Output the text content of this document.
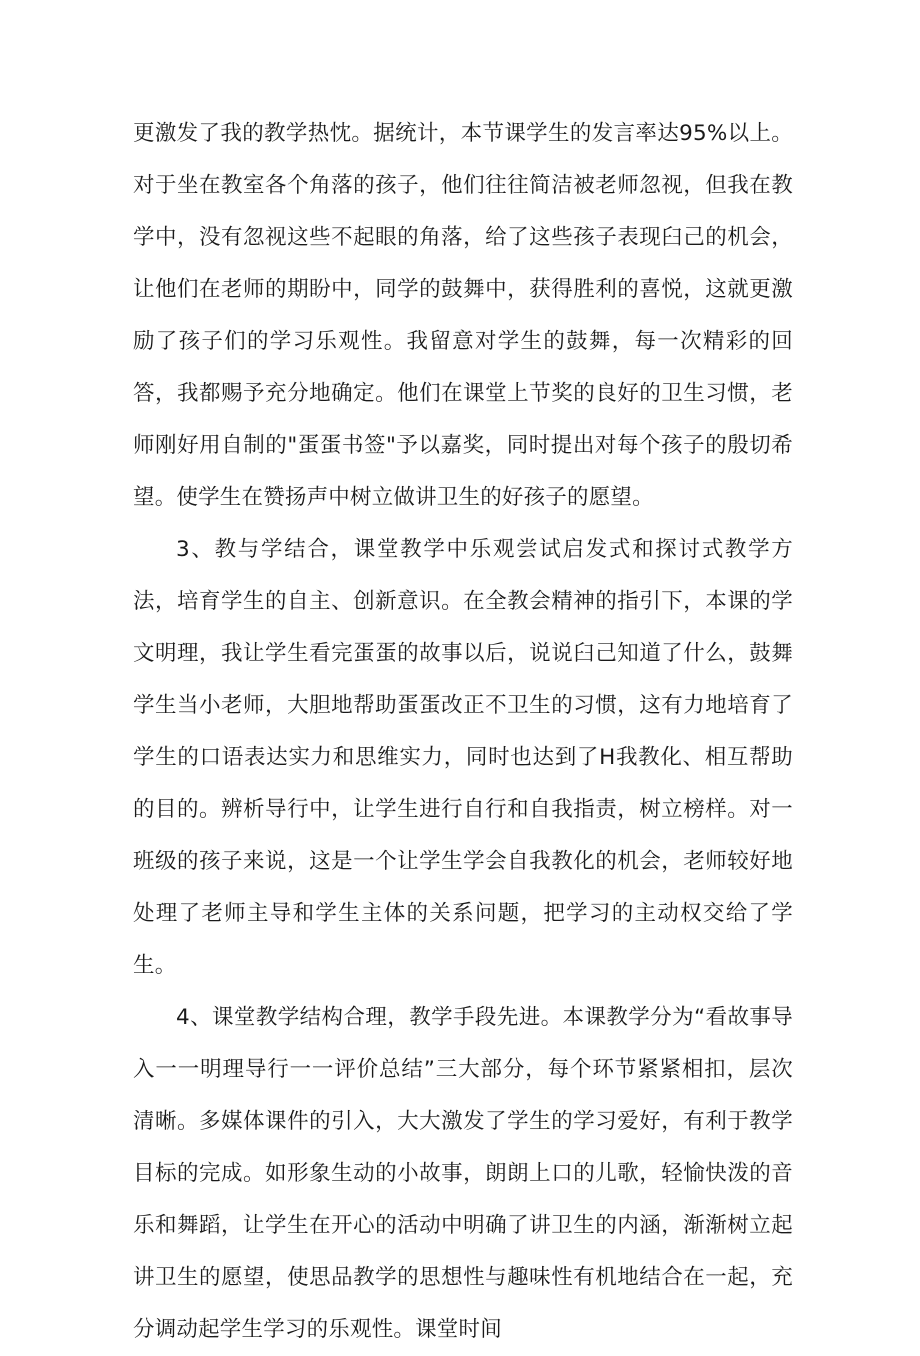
更激发了我的教学热忱。据统计，本节课学生的发言率达95%以上。对于坐在教室各个角落的孩子，他们往往简洁被老师忽视，但我在教学中，没有忽视这些不起眼的角落，给了这些孩子表现臼己的机会，让他们在老师的期盼中，同学的鼓舞中，获得胜利的喜悦，这就更激励了孩子们的学习乐观性。我留意对学生的鼓舞，每一次精彩的回答，我都赐予充分地确定。他们在课堂上节奖的良好的卫生习惯，老师刚好用自制的"蛋蛋书签"予以嘉奖，同时提出对每个孩子的殷切希望。使学生在赞扬声中树立做讲卫生的好孩子的愿望。

3、教与学结合，课堂教学中乐观尝试启发式和探讨式教学方法，培育学生的自主、创新意识。在全教会精神的指引下，本课的学文明理，我让学生看完蛋蛋的故事以后，说说臼己知道了什么，鼓舞学生当小老师，大胆地帮助蛋蛋改正不卫生的习惯，这有力地培育了学生的口语表达实力和思维实力，同时也达到了H我教化、相互帮助的目的。辨析导行中，让学生进行自行和自我指责，树立榜样。对一班级的孩子来说，这是一个让学生学会自我教化的机会，老师较好地处理了老师主导和学生主体的关系问题，把学习的主动权交给了学生。

4、课堂教学结构合理，教学手段先进。本课教学分为“看故事导入一一明理导行一一评价总结”三大部分，每个环节紧紧相扣，层次清晰。多媒体课件的引入，大大激发了学生的学习爱好，有利于教学目标的完成。如形象生动的小故事，朗朗上口的儿歌，轻愉快泼的音乐和舞蹈，让学生在开心的活动中明确了讲卫生的内涵，渐渐树立起讲卫生的愿望，使思品教学的思想性与趣味性有机地结合在一起，充分调动起学生学习的乐观性。课堂时间
